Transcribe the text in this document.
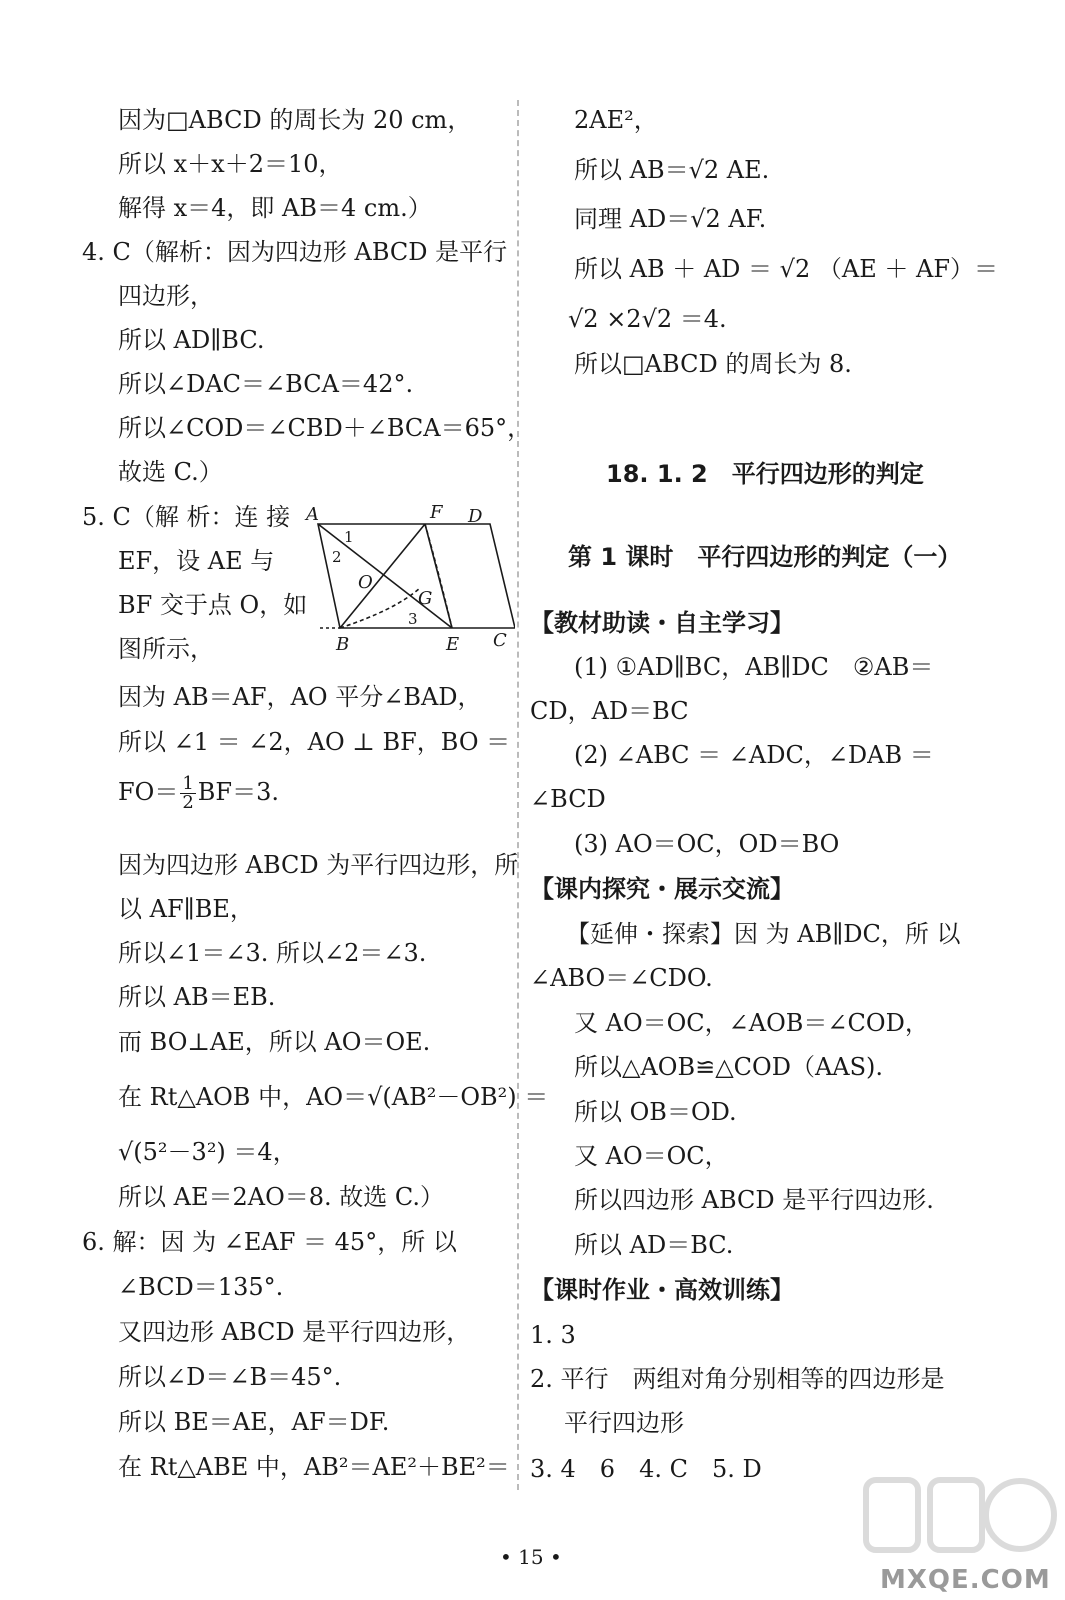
因为□ABCD 的周长为 20 cm，
所以 x＋x＋2＝10，
解得 x＝4，即 AB＝4 cm.）
4. C（解析：因为四边形 ABCD 是平行
四边形，
所以 AD∥BC.
所以∠DAC＝∠BCA＝42°.
所以∠COD＝∠CBD＋∠BCA＝65°，
故选 C.）
5. C（解 析：连 接
EF，设 AE 与
BF 交于点 O，如
图所示，
因为 AB＝AF，AO 平分∠BAD，
所以 ∠1 ＝ ∠2，AO ⊥ BF，BO ＝
$FO= \frac{1}{2} BF=3$.
因为四边形 ABCD 为平行四边形，所
以 AF∥BE，
所以∠1＝∠3. 所以∠2＝∠3.
所以 AB＝EB.
而 BO⊥AE，所以 AO＝OE.
在 Rt△AOB 中，AO＝√(AB²－OB²) ＝
√(5²－3²) ＝4，
所以 AE＝2AO＝8. 故选 C.）
6. 解：因 为 ∠EAF ＝ 45°，所 以
∠BCD＝135°.
又四边形 ABCD 是平行四边形，
所以∠D＝∠B＝45°.
所以 BE＝AE，AF＝DF.
在 Rt△ABE 中，AB²＝AE²＋BE²＝
A	F D
B	E C
O
G
1
2
3
2AE²，
所以 AB＝√2 AE.
同理 AD＝√2 AF.
所以 AB ＋ AD ＝ √2 （AE ＋ AF）＝
√2 ×2√2 ＝4.
所以□ABCD 的周长为 8.
18. 1. 2　平行四边形的判定
第 1 课时　平行四边形的判定（一）
【教材助读・自主学习】
(1) ①AD∥BC，AB∥DC　②AB＝
CD，AD＝BC
(2) ∠ABC ＝ ∠ADC，∠DAB ＝
∠BCD
(3) AO＝OC，OD＝BO
【课内探究・展示交流】
【延伸・探索】因 为 AB∥DC，所 以
∠ABO＝∠CDO.
又 AO＝OC，∠AOB＝∠COD，
所以△AOB≌△COD（AAS).
所以 OB＝OD.
又 AO＝OC，
所以四边形 ABCD 是平行四边形.
所以 AD＝BC.
【课时作业・高效训练】
1. 3
2. 平行　两组对角分别相等的四边形是
平行四边形
3. 4　6　4. C　5. D
• 15 •
MXQE.COM
